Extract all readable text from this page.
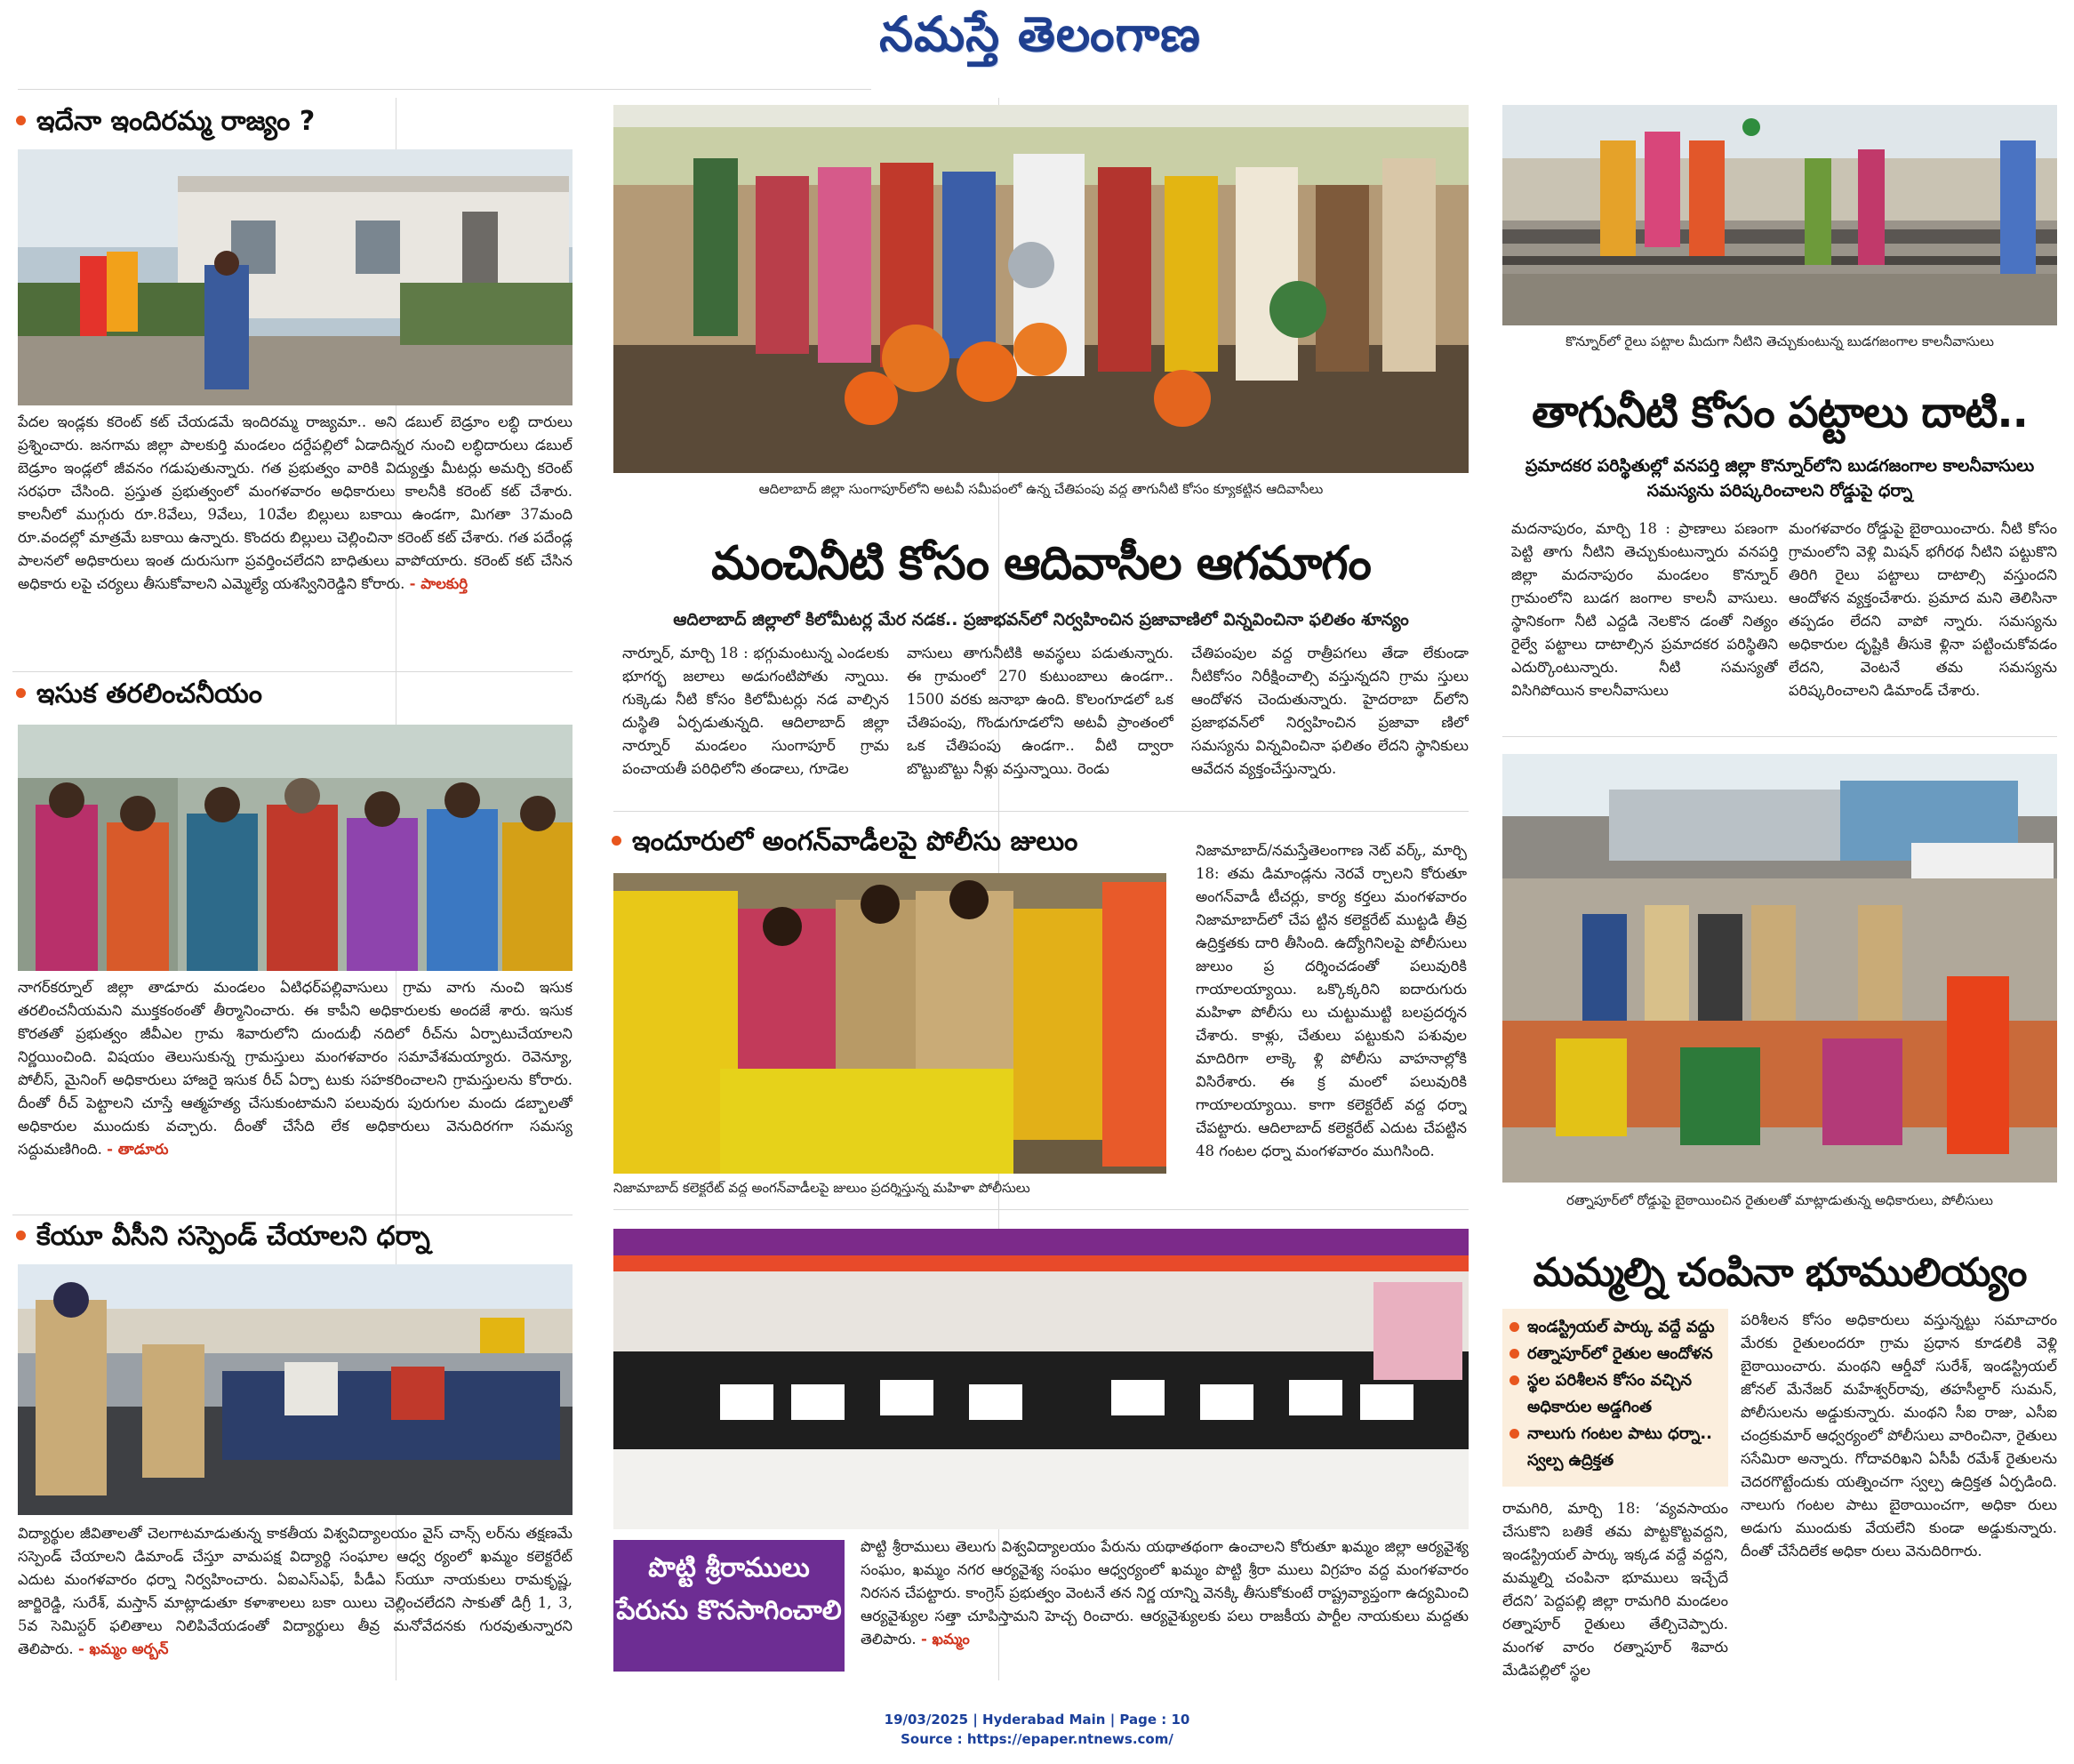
నమస్తే తెలంగాణ
ఇదేనా ఇందిరమ్మ రాజ్యం ?
పేదల ఇండ్లకు కరెంట్ కట్ చేయడమే ఇందిరమ్మ రాజ్యమా.. అని డబుల్ బెడ్రూం లబ్ధి దారులు ప్రశ్నించారు. జనగామ జిల్లా పాలకుర్తి మండలం దర్దేపల్లిలో ఏడాదిన్నర నుంచి లబ్ధిదారులు డబుల్ బెడ్రూం ఇండ్లలో జీవనం గడుపుతున్నారు. గత ప్రభుత్వం వారికి విద్యుత్తు మీటర్లు అమర్చి కరెంట్ సరఫరా చేసింది. ప్రస్తుత ప్రభుత్వంలో మంగళవారం అధికారులు కాలనీకి కరెంట్ కట్ చేశారు. కాలనీలో ముగ్గురు రూ.8వేలు, 9వేలు, 10వేల బిల్లులు బకాయి ఉండగా, మిగతా 37మంది రూ.వందల్లో మాత్రమే బకాయి ఉన్నారు. కొందరు బిల్లులు చెల్లించినా కరెంట్ కట్ చేశారు. గత పదేండ్ల పాలనలో అధికారులు ఇంత దురుసుగా ప్రవర్తించలేదని బాధితులు వాపోయారు. కరెంట్ కట్ చేసిన అధికారు లపై చర్యలు తీసుకోవాలని ఎమ్మెల్యే యశస్వినిరెడ్డిని కోరారు. - పాలకుర్తి
ఇసుక తరలించనీయం
నాగర్‌కర్నూల్ జిల్లా తాడూరు మండలం ఏటిధర్‌పల్లివాసులు గ్రామ వాగు నుంచి ఇసుక తరలించనీయమని ముక్తకంఠంతో తీర్మానించారు. ఈ కాపీని అధికారులకు అందజే శారు. ఇసుక కొరతతో ప్రభుత్వం జీవీఎల గ్రామ శివారులోని దుందుభీ నదిలో రీచ్‌ను ఏర్పాటుచేయాలని నిర్ణయించింది. విషయం తెలుసుకున్న గ్రామస్తులు మంగళవారం సమావేశమయ్యారు. రెవెన్యూ, పోలీస్, మైనింగ్ అధికారులు హాజరై ఇసుక రీచ్ ఏర్పా టుకు సహకరించాలని గ్రామస్తులను కోరారు. దీంతో రీచ్ పెట్టాలని చూస్తే ఆత్మహత్య చేసుకుంటామని పలువురు పురుగుల మందు డబ్బాలతో అధికారుల ముందుకు వచ్చారు. దీంతో చేసేది లేక అధికారులు వెనుదిరగగా సమస్య సద్దుమణిగింది. - తాడూరు
కేయూ వీసీని సస్పెండ్ చేయాలని ధర్నా
విద్యార్థుల జీవితాలతో చెలగాటమాడుతున్న కాకతీయ విశ్వవిద్యాలయం వైస్ చాన్స్ లర్‌ను తక్షణమే సస్పెండ్ చేయాలని డిమాండ్ చేస్తూ వామపక్ష విద్యార్థి సంఘాల ఆధ్వ ర్యంలో ఖమ్మం కలెక్టరేట్ ఎదుట మంగళవారం ధర్నా నిర్వహించారు. ఏఐఎస్‌ఎఫ్, పీడీఎ స్‌యూ నాయకులు రామకృష్ణ, జార్జిరెడ్డి, సురేశ్, మస్తాన్ మాట్లాడుతూ కళాశాలలు బకా యిలు చెల్లించలేదని సాకుతో డిగ్రీ 1, 3, 5వ సెమిస్టర్ ఫలితాలు నిలిపివేయడంతో విద్యార్థులు తీవ్ర మనోవేదనకు గురవుతున్నారని తెలిపారు. - ఖమ్మం అర్బన్
ఆదిలాబాద్ జిల్లా సుంగాపూర్‌లోని అటవీ సమీపంలో ఉన్న చేతిపంపు వద్ద తాగునీటి కోసం క్యూకట్టిన ఆదివాసీలు
మంచినీటి కోసం ఆదివాసీల ఆగమాగం
ఆదిలాబాద్ జిల్లాలో కిలోమీటర్ల మేర నడక.. ప్రజాభవన్‌లో నిర్వహించిన ప్రజావాణిలో విన్నవించినా ఫలితం శూన్యం
నార్నూర్, మార్చి 18 : భగ్గుమంటున్న ఎండలకు భూగర్భ జలాలు అడుగంటిపోతు న్నాయి. గుక్కెడు నీటి కోసం కిలోమీటర్లు నడ వాల్సిన దుస్థితి ఏర్పడుతున్నది. ఆదిలాబాద్ జిల్లా నార్నూర్ మండలం సుంగాపూర్ గ్రామ పంచాయతీ పరిధిలోని తండాలు, గూడెల
వాసులు తాగునీటికి అవస్థలు పడుతున్నారు. ఈ గ్రామంలో 270 కుటుంబాలు ఉండగా.. 1500 వరకు జనాభా ఉంది. కొలంగూడలో ఒక చేతిపంపు, గొండుగూడలోని అటవీ ప్రాంతంలో ఒక చేతిపంపు ఉండగా.. వీటి ద్వారా బొట్టుబొట్టు నీళ్లు వస్తున్నాయి. రెండు
చేతిపంపుల వద్ద రాత్రీపగలు తేడా లేకుండా నీటికోసం నిరీక్షించాల్సి వస్తున్నదని గ్రామ స్తులు ఆందోళన చెందుతున్నారు. హైదరాబా ద్‌లోని ప్రజాభవన్‌లో నిర్వహించిన ప్రజావా ణిలో సమస్యను విన్నవించినా ఫలితం లేదని స్థానికులు ఆవేదన వ్యక్తంచేస్తున్నారు.
ఇందూరులో అంగన్‌వాడీలపై పోలీసు జులుం
నిజామాబాద్ కలెక్టరేట్ వద్ద అంగన్‌వాడీలపై జులుం ప్రదర్శిస్తున్న మహిళా పోలీసులు
నిజామాబాద్/నమస్తేతెలంగాణ నెట్ వర్క్, మార్చి 18: తమ డిమాండ్లను నెరవే ర్చాలని కోరుతూ అంగన్‌వాడీ టీచర్లు, కార్య కర్తలు మంగళవారం నిజామాబాద్‌లో చేప ట్టిన కలెక్టరేట్ ముట్టడి తీవ్ర ఉద్రిక్తతకు దారి తీసింది. ఉద్యోగినిలపై పోలీసులు జులుం ప్ర దర్శించడంతో పలువురికి గాయాలయ్యాయి. ఒక్కొక్కరిని ఐదారుగురు మహిళా పోలీసు లు చుట్టుముట్టి బలప్రదర్శన చేశారు. కాళ్లు, చేతులు పట్టుకుని పశువుల మాదిరిగా లాక్కె ళ్లి పోలీసు వాహనాల్లోకి విసిరేశారు. ఈ క్ర మంలో పలువురికి గాయాలయ్యాయి. కాగా కలెక్టరేట్ వద్ద ధర్నా చేపట్టారు. ఆదిలాబాద్ కలెక్టరేట్ ఎదుట చేపట్టిన 48 గంటల ధర్నా మంగళవారం ముగిసింది.
పొట్టి శ్రీరాములు పేరును కొనసాగించాలి
పొట్టి శ్రీరాములు తెలుగు విశ్వవిద్యాలయం పేరును యథాతథంగా ఉంచాలని కోరుతూ ఖమ్మం జిల్లా ఆర్యవైశ్య సంఘం, ఖమ్మం నగర ఆర్యవైశ్య సంఘం ఆధ్వర్యంలో ఖమ్మం పొట్టి శ్రీరా ములు విగ్రహం వద్ద మంగళవారం నిరసన చేపట్టారు. కాంగ్రెస్ ప్రభుత్వం వెంటనే తన నిర్ణ యాన్ని వెనక్కి తీసుకోకుంటే రాష్ట్రవ్యాప్తంగా ఉద్యమించి ఆర్యవైశ్యుల సత్తా చూపిస్తామని హెచ్చ రించారు. ఆర్యవైశ్యులకు పలు రాజకీయ పార్టీల నాయకులు మద్దతు తెలిపారు. - ఖమ్మం
కొన్నూర్‌లో రైలు పట్టాల మీదుగా నీటిని తెచ్చుకుంటున్న బుడగజంగాల కాలనీవాసులు
తాగునీటి కోసం పట్టాలు దాటి..
ప్రమాదకర పరిస్థితుల్లో వనపర్తి జిల్లా కొన్నూర్‌లోని బుడగజంగాల కాలనీవాసులు సమస్యను పరిష్కరించాలని రోడ్డుపై ధర్నా
మదనాపురం, మార్చి 18 : ప్రాణాలు పణంగా పెట్టి తాగు నీటిని తెచ్చుకుంటున్నారు వనపర్తి జిల్లా మదనాపురం మండలం కొన్నూర్ గ్రామంలోని బుడగ జంగాల కాలనీ వాసులు. స్థానికంగా నీటి ఎద్దడి నెలకొన డంతో నిత్యం రైల్వే పట్టాలు దాటాల్సిన ప్రమాదకర పరిస్థితిని ఎదుర్కొంటున్నారు. నీటి సమస్యతో విసిగిపోయిన కాలనీవాసులు
మంగళవారం రోడ్డుపై బైఠాయించారు. నీటి కోసం గ్రామంలోని వెళ్లి మిషన్ భగీరథ నీటిని పట్టుకొని తిరిగి రైలు పట్టాలు దాటాల్సి వస్తుందని ఆందోళన వ్యక్తంచేశారు. ప్రమాద మని తెలిసినా తప్పడం లేదని వాపో న్నారు. సమస్యను అధికారుల దృష్టికి తీసుకె ళ్లినా పట్టించుకోవడం లేదని, వెంటనే తమ సమస్యను పరిష్కరించాలని డిమాండ్ చేశారు.
రత్నాపూర్‌లో రోడ్డుపై బైఠాయించిన రైతులతో మాట్లాడుతున్న అధికారులు, పోలీసులు
మమ్మల్ని చంపినా భూములియ్యం
ఇండస్ట్రియల్ పార్కు వద్దే వద్దు
రత్నాపూర్‌లో రైతుల ఆందోళన
స్థల పరిశీలన కోసం వచ్చిన అధికారుల అడ్డగింత
నాలుగు గంటల పాటు ధర్నా.. స్వల్ప ఉద్రిక్తత
రామగిరి, మార్చి 18: ‘వ్యవసాయం చేసుకొని బతికే తమ పొట్టకొట్టవద్దని, ఇండస్ట్రియల్ పార్కు ఇక్కడ వద్దే వద్దని, మమ్మల్ని చంపినా భూములు ఇచ్చేదే లేదని’ పెద్దపల్లి జిల్లా రామగిరి మండలం రత్నాపూర్ రైతులు తేల్చిచెప్పారు. మంగళ వారం రత్నాపూర్ శివారు మేడిపల్లిలో స్థల
పరిశీలన కోసం అధికారులు వస్తున్నట్టు సమాచారం మేరకు రైతులందరూ గ్రామ ప్రధాన కూడలికి వెళ్లి బైఠాయించారు. మంథని ఆర్డీవో సురేశ్, ఇండస్ట్రియల్ జోనల్ మేనేజర్ మహేశ్వర్‌రావు, తహసీల్దార్ సుమన్, పోలీసులను అడ్డుకున్నారు. మంథని సీఐ రాజు, ఎసీఐ చంద్రకుమార్ ఆధ్వర్యంలో పోలీసులు వారించినా, రైతులు ససేమిరా అన్నారు. గోదావరిఖని ఏసీపీ రమేశ్ రైతులను చెదరగొట్టేందుకు యత్నించగా స్వల్ప ఉద్రిక్తత ఏర్పడింది. నాలుగు గంటల పాటు బైఠాయించగా, అధికా రులు అడుగు ముందుకు వేయలేని కుండా అడ్డుకున్నారు. దీంతో చేసేదిలేక అధికా రులు వెనుదిరిగారు.
19/03/2025 | Hyderabad Main | Page : 10
Source : https://epaper.ntnews.com/
